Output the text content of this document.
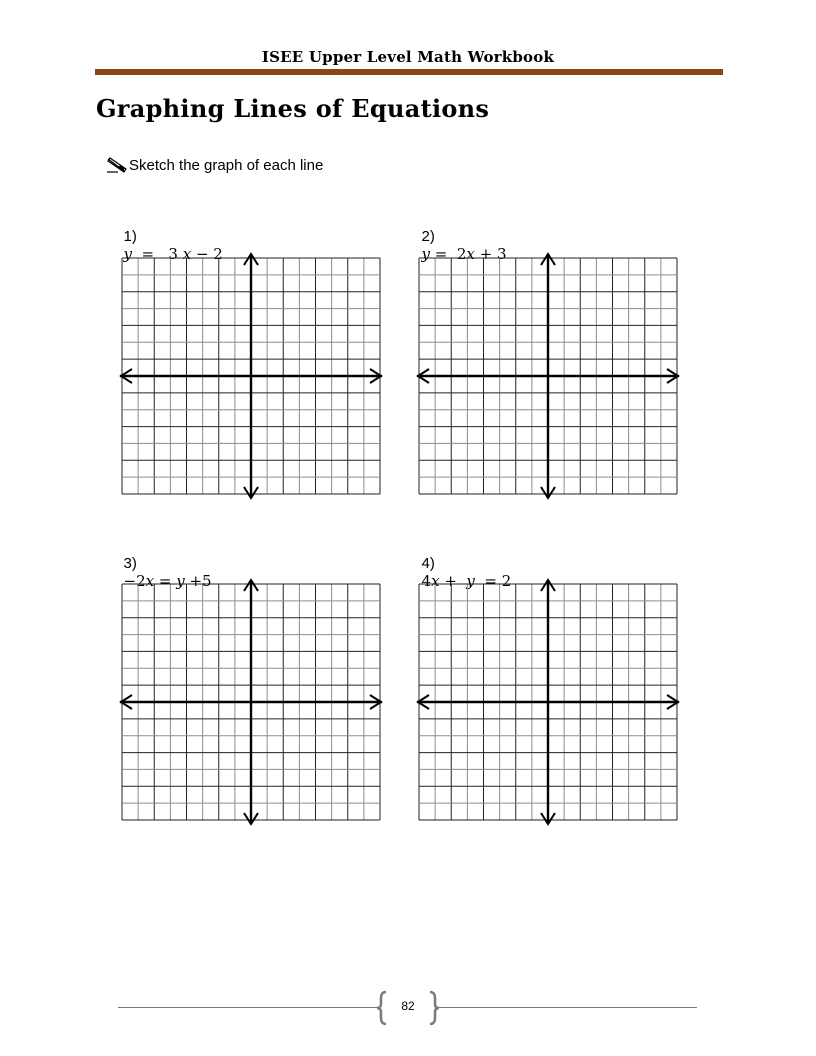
ISEE Upper Level Math Workbook
Graphing Lines of Equations
Sketch the graph of each line

1)
𝑦  =   3 𝑥 − 2

2)
𝑦 =  2𝑥 + 3

3)
−2𝑥 = 𝑦 +5

4)
4𝑥 +  𝑦  = 2

82
